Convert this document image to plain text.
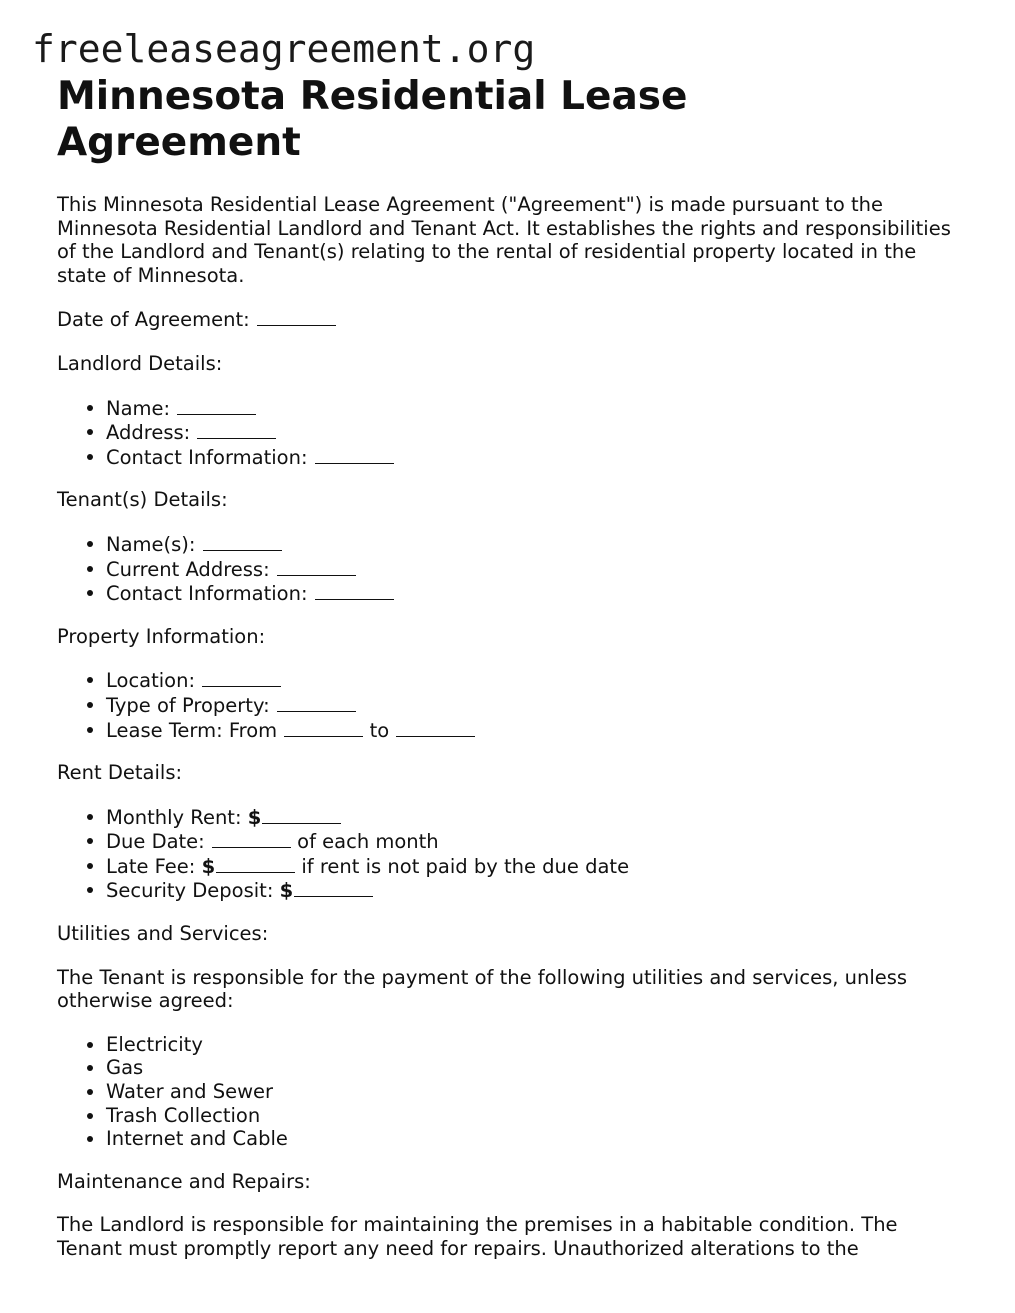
freeleaseagreement.org
Minnesota Residential Lease Agreement

This Minnesota Residential Lease Agreement ("Agreement") is made pursuant to the Minnesota Residential Landlord and Tenant Act. It establishes the rights and responsibilities of the Landlord and Tenant(s) relating to the rental of residential property located in the state of Minnesota.

Date of Agreement:

Landlord Details:

Name:
Address:
Contact Information:

Tenant(s) Details:

Name(s):
Current Address:
Contact Information:

Property Information:

Location:
Type of Property:
Lease Term: From	to

Rent Details:

Monthly Rent: $
Due Date:	of each month
Late Fee: $	if rent is not paid by the due date
Security Deposit: $

Utilities and Services:

The Tenant is responsible for the payment of the following utilities and services, unless otherwise agreed:

Electricity
Gas
Water and Sewer
Trash Collection
Internet and Cable

Maintenance and Repairs:

The Landlord is responsible for maintaining the premises in a habitable condition. The Tenant must promptly report any need for repairs. Unauthorized alterations to the
